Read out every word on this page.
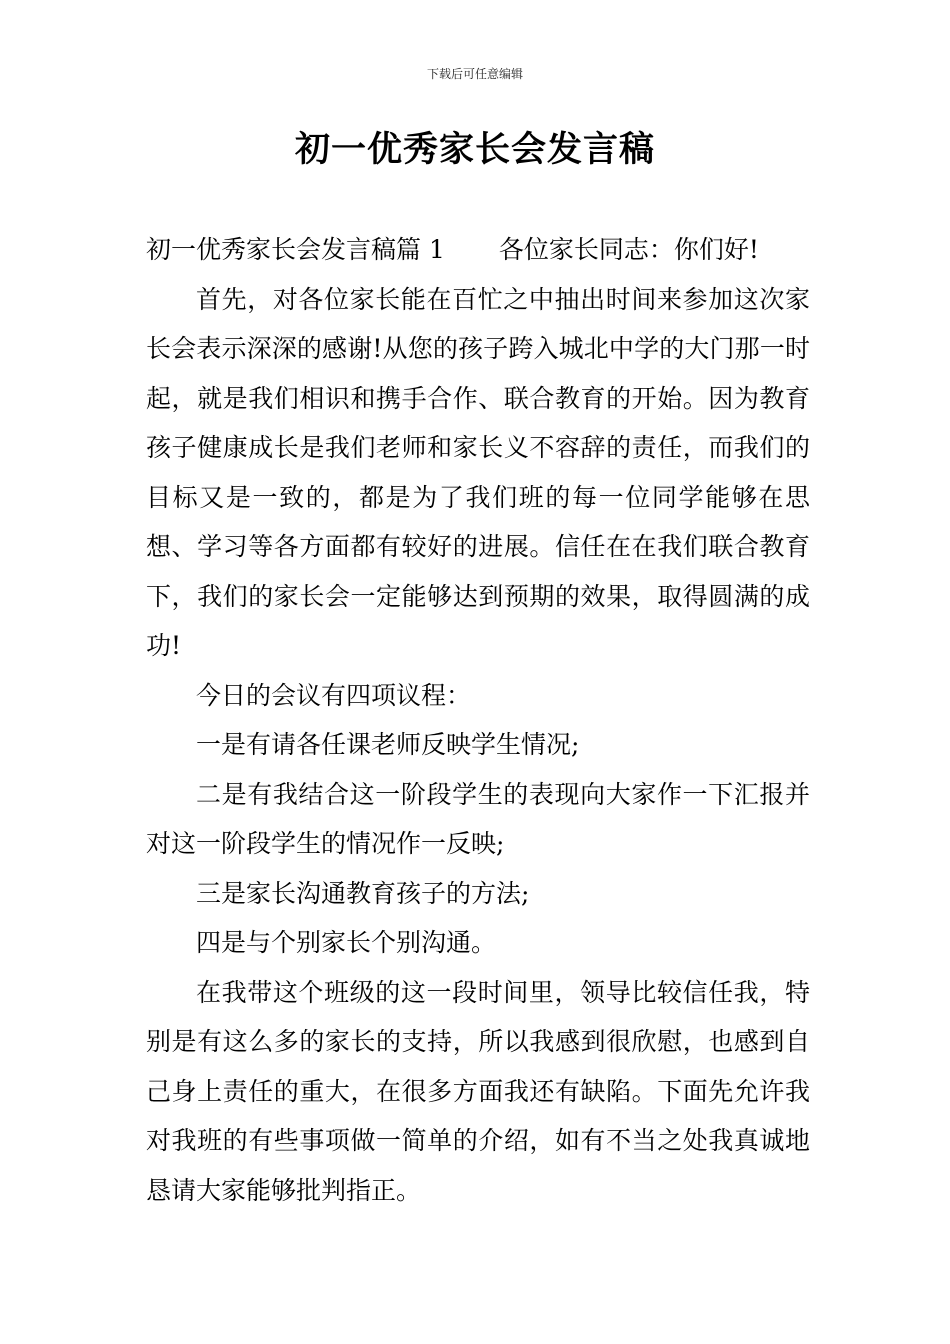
下载后可任意编辑
初一优秀家长会发言稿

初一优秀家长会发言稿篇 1 各位家长同志：你们好!

首先，对各位家长能在百忙之中抽出时间来参加这次家长会表示深深的感谢!从您的孩子跨入城北中学的大门那一时起，就是我们相识和携手合作、联合教育的开始。因为教育孩子健康成长是我们老师和家长义不容辞的责任，而我们的目标又是一致的，都是为了我们班的每一位同学能够在思想、学习等各方面都有较好的进展。信任在在我们联合教育下，我们的家长会一定能够达到预期的效果，取得圆满的成功!

今日的会议有四项议程：

一是有请各任课老师反映学生情况;

二是有我结合这一阶段学生的表现向大家作一下汇报并对这一阶段学生的情况作一反映;

三是家长沟通教育孩子的方法;

四是与个别家长个别沟通。

在我带这个班级的这一段时间里，领导比较信任我，特别是有这么多的家长的支持，所以我感到很欣慰，也感到自己身上责任的重大，在很多方面我还有缺陷。下面先允许我对我班的有些事项做一简单的介绍，如有不当之处我真诚地恳请大家能够批判指正。
